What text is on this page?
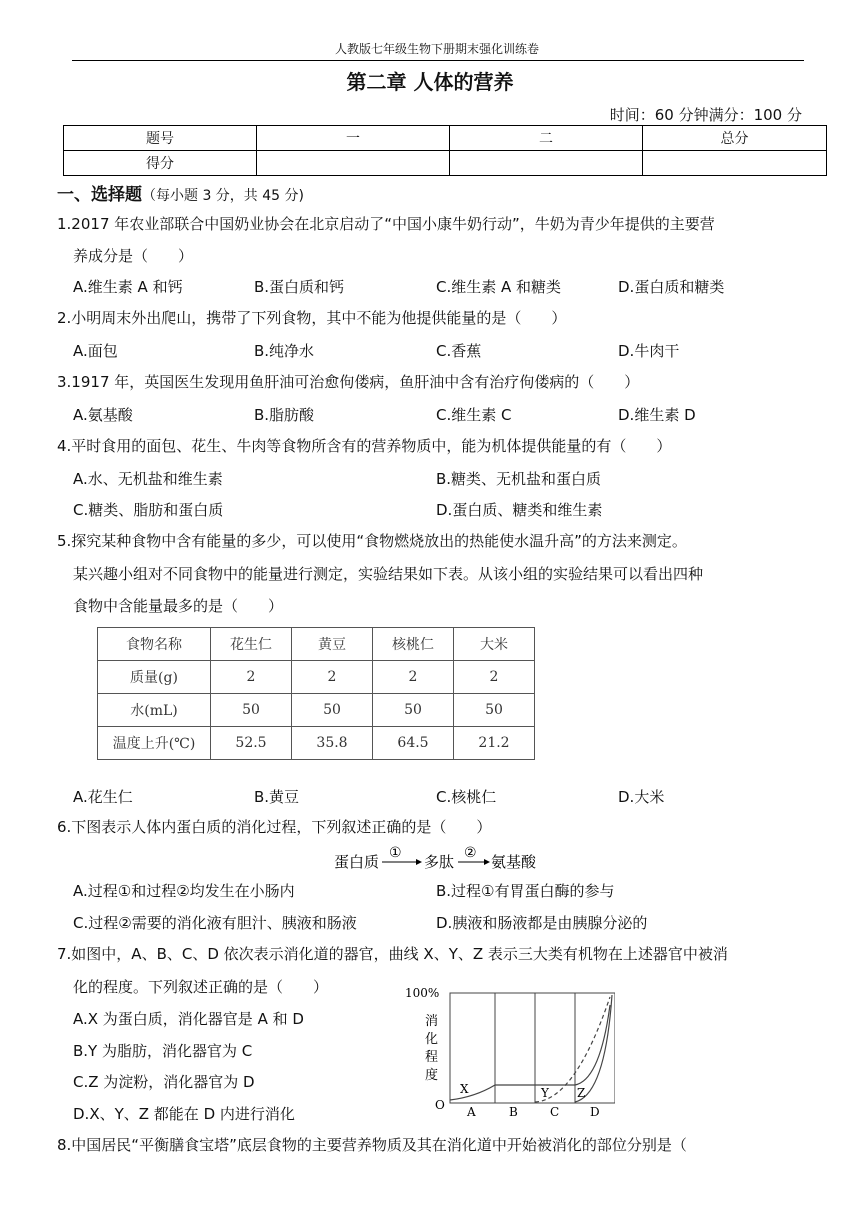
人教版七年级生物下册期末强化训练卷
第二章 人体的营养
时间：60 分钟满分：100 分
题号	一	二	总分
得分			
一、选择题（每小题 3 分，共 45 分)
1.2017 年农业部联合中国奶业协会在北京启动了“中国小康牛奶行动”，牛奶为青少年提供的主要营
养成分是（　　）
A.维生素 A 和钙	B.蛋白质和钙	C.维生素 A 和糖类	D.蛋白质和糖类
2.小明周末外出爬山，携带了下列食物，其中不能为他提供能量的是（　　）
A.面包	B.纯净水	C.香蕉	D.牛肉干
3.1917 年，英国医生发现用鱼肝油可治愈佝偻病，鱼肝油中含有治疗佝偻病的（　　）
A.氨基酸	B.脂肪酸	C.维生素 C	D.维生素 D
4.平时食用的面包、花生、牛肉等食物所含有的营养物质中，能为机体提供能量的有（　　）
A.水、无机盐和维生素	B.糖类、无机盐和蛋白质
C.糖类、脂肪和蛋白质	D.蛋白质、糖类和维生素
5.探究某种食物中含有能量的多少，可以使用“食物燃烧放出的热能使水温升高”的方法来测定。
某兴趣小组对不同食物中的能量进行测定，实验结果如下表。从该小组的实验结果可以看出四种
食物中含能量最多的是（　　）
食物名称	花生仁	黄豆	核桃仁	大米
质量(g)	2	2	2	2
水(mL)	50	50	50	50
温度上升(℃)	52.5	35.8	64.5	21.2
A.花生仁	B.黄豆	C.核桃仁	D.大米
6.下图表示人体内蛋白质的消化过程，下列叙述正确的是（　　）
蛋白质 ① 多肽 ② 氨基酸
A.过程①和过程②均发生在小肠内	B.过程①有胃蛋白酶的参与
C.过程②需要的消化液有胆汁、胰液和肠液	D.胰液和肠液都是由胰腺分泌的
7.如图中，A、B、C、D 依次表示消化道的器官，曲线 X、Y、Z 表示三大类有机物在上述器官中被消
化的程度。下列叙述正确的是（　　）
A.X 为蛋白质，消化器官是 A 和 D
B.Y 为脂肪，消化器官为 C
C.Z 为淀粉，消化器官为 D
D.X、Y、Z 都能在 D 内进行消化
100%
消
化
程
度
O A	B	C	D
X	Y Z
8.中国居民“平衡膳食宝塔”底层食物的主要营养物质及其在消化道中开始被消化的部位分别是（
